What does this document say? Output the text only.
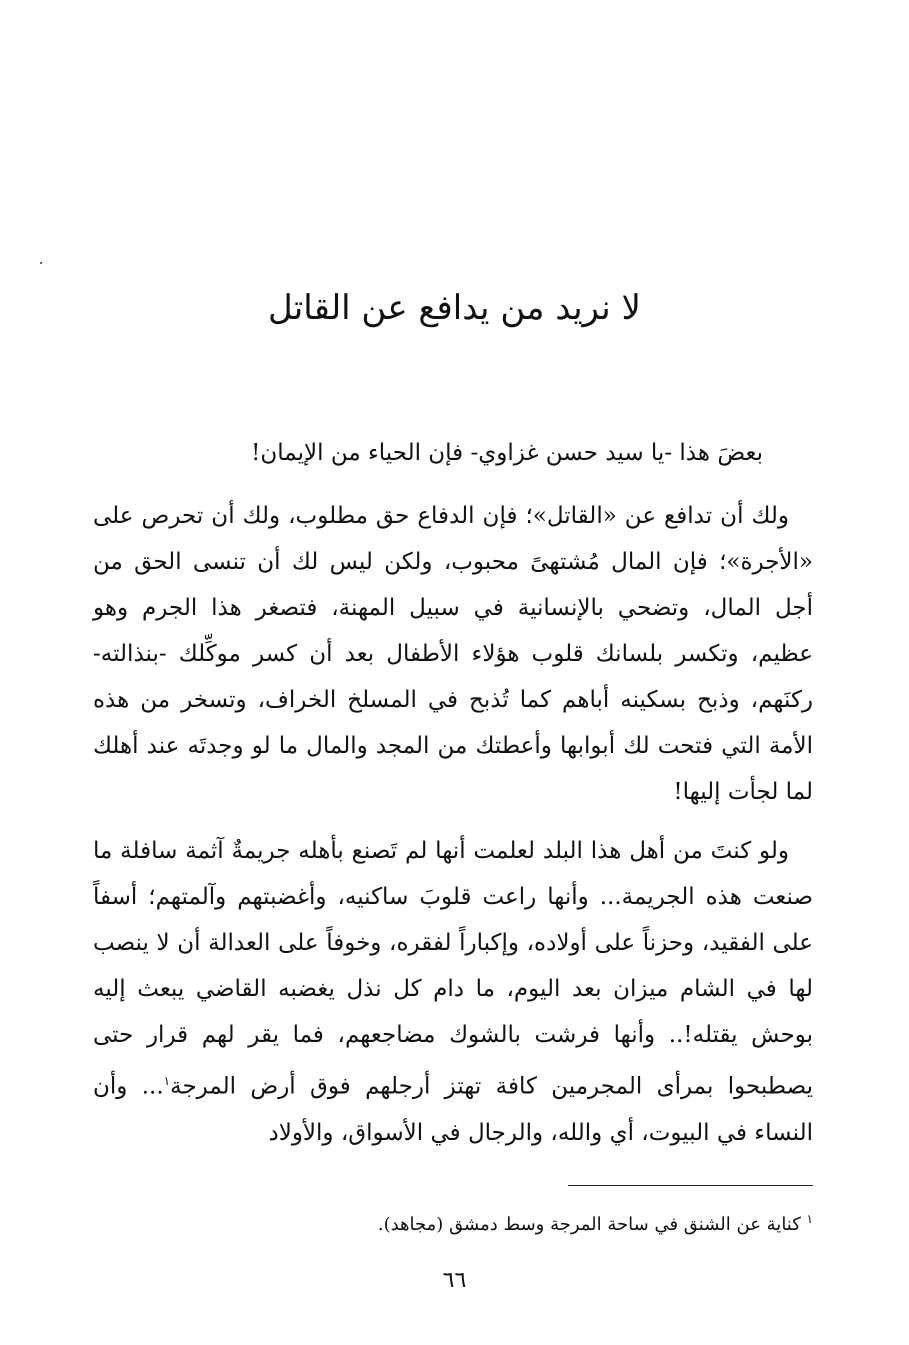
لا نريد من يدافع عن القاتل

بعضَ هذا -يا سيد حسن غزاوي- فإن الحياء من الإيمان!

ولك أن تدافع عن «القاتل»؛ فإن الدفاع حق مطلوب، ولك أن تحرص على «الأجرة»؛ فإن المال مُشتهىً محبوب، ولكن ليس لك أن تنسى الحق من أجل المال، وتضحي بالإنسانية في سبيل المهنة، فتصغر هذا الجرم وهو عظيم، وتكسر بلسانك قلوب هؤلاء الأطفال بعد أن كسر موكِّلك -بنذالته- ركنَهم، وذبح بسكينه أباهم كما تُذبح في المسلخ الخراف، وتسخر من هذه الأمة التي فتحت لك أبوابها وأعطتك من المجد والمال ما لو وجدتَه عند أهلك لما لجأت إليها!

ولو كنتَ من أهل هذا البلد لعلمت أنها لم تَصنع بأهله جريمةٌ آثمة سافلة ما صنعت هذه الجريمة... وأنها راعت قلوبَ ساكنيه، وأغضبتهم وآلمتهم؛ أسفاً على الفقيد، وحزناً على أولاده، وإكباراً لفقره، وخوفاً على العدالة أن لا ينصب لها في الشام ميزان بعد اليوم، ما دام كل نذل يغضبه القاضي يبعث إليه بوحش يقتله!.. وأنها فرشت بالشوك مضاجعهم، فما يقر لهم قرار حتى يصطبحوا بمرأى المجرمين كافة تهتز أرجلهم فوق أرض المرجة$^١$... وأن النساء في البيوت، أي والله، والرجال في الأسواق، والأولاد

$^١$ كناية عن الشنق في ساحة المرجة وسط دمشق (مجاهد).

٦٦
